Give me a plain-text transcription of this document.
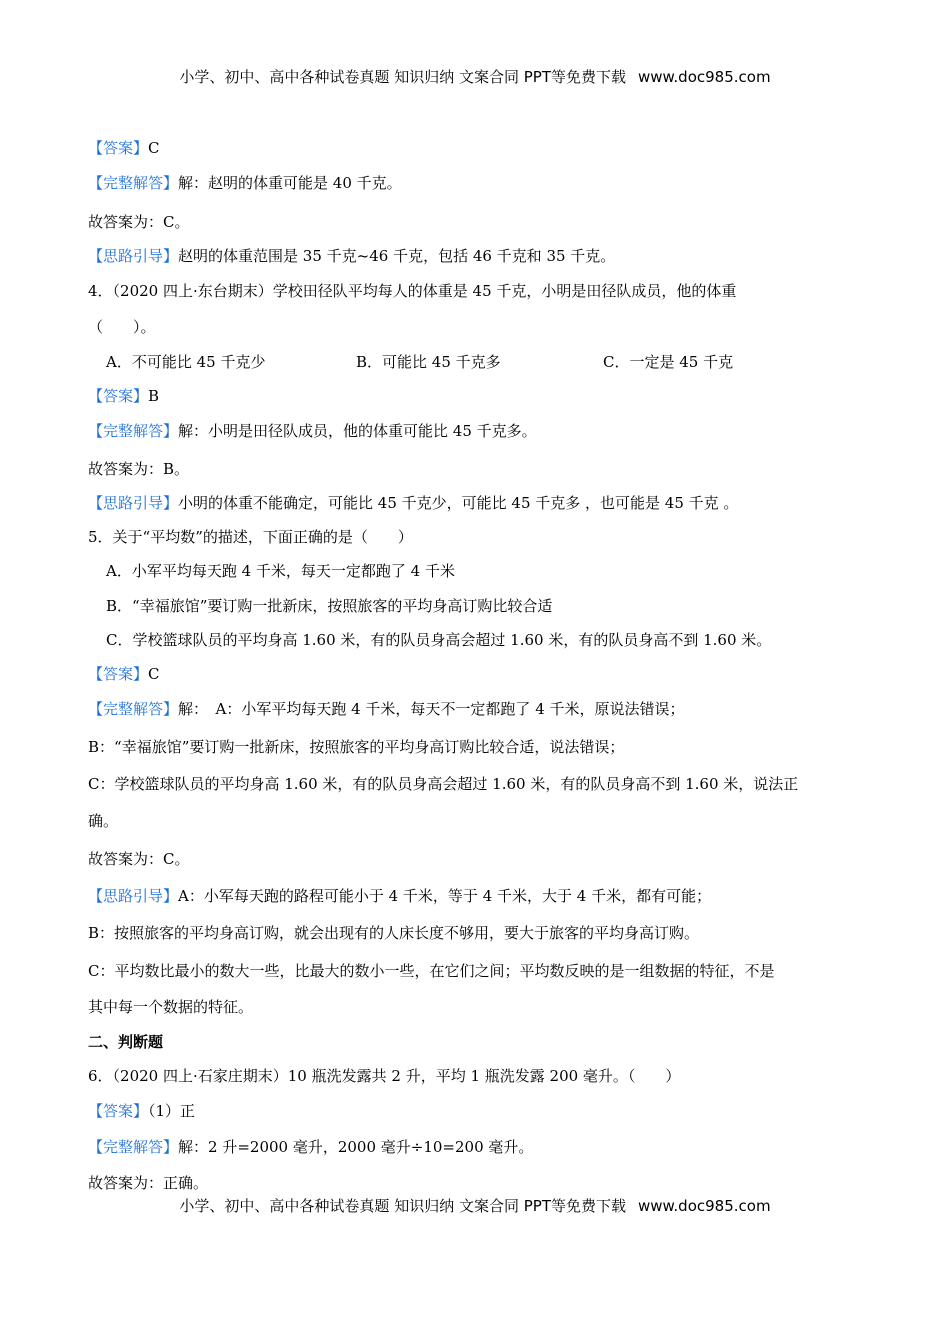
小学、初中、高中各种试卷真题 知识归纳 文案合同 PPT等免费下载 www.doc985.com
【答案】C
【完整解答】解：赵明的体重可能是 40 千克。
故答案为：C。
【思路引导】赵明的体重范围是 35 千克~46 千克，包括 46 千克和 35 千克。
4．（2020 四上·东台期末）学校田径队平均每人的体重是 45 千克，小明是田径队成员，他的体重
（　　）。
A．不可能比 45 千克少	B．可能比 45 千克多	C．一定是 45 千克
【答案】B
【完整解答】解：小明是田径队成员，他的体重可能比 45 千克多。
故答案为：B。
【思路引导】小明的体重不能确定，可能比 45 千克少，可能比 45 千克多 ，也可能是 45 千克 。
5．关于“平均数”的描述，下面正确的是（　　）
A．小军平均每天跑 4 千米，每天一定都跑了 4 千米
B．“幸福旅馆”要订购一批新床，按照旅客的平均身高订购比较合适
C．学校篮球队员的平均身高 1.60 米，有的队员身高会超过 1.60 米，有的队员身高不到 1.60 米。
【答案】C
【完整解答】解：　A：小军平均每天跑 4 千米，每天不一定都跑了 4 千米，原说法错误；
B：“幸福旅馆”要订购一批新床，按照旅客的平均身高订购比较合适，说法错误；
C：学校篮球队员的平均身高 1.60 米，有的队员身高会超过 1.60 米，有的队员身高不到 1.60 米，说法正
确。
故答案为：C。
【思路引导】A：小军每天跑的路程可能小于 4 千米，等于 4 千米，大于 4 千米，都有可能；
B：按照旅客的平均身高订购，就会出现有的人床长度不够用，要大于旅客的平均身高订购。
C：平均数比最小的数大一些，比最大的数小一些，在它们之间；平均数反映的是一组数据的特征，不是
其中每一个数据的特征。
二、判断题
6．（2020 四上·石家庄期末）10 瓶洗发露共 2 升，平均 1 瓶洗发露 200 毫升。（　　）
【答案】（1）正
【完整解答】解：2 升=2000 毫升，2000 毫升÷10=200 毫升。
故答案为：正确。
小学、初中、高中各种试卷真题 知识归纳 文案合同 PPT等免费下载 www.doc985.com
